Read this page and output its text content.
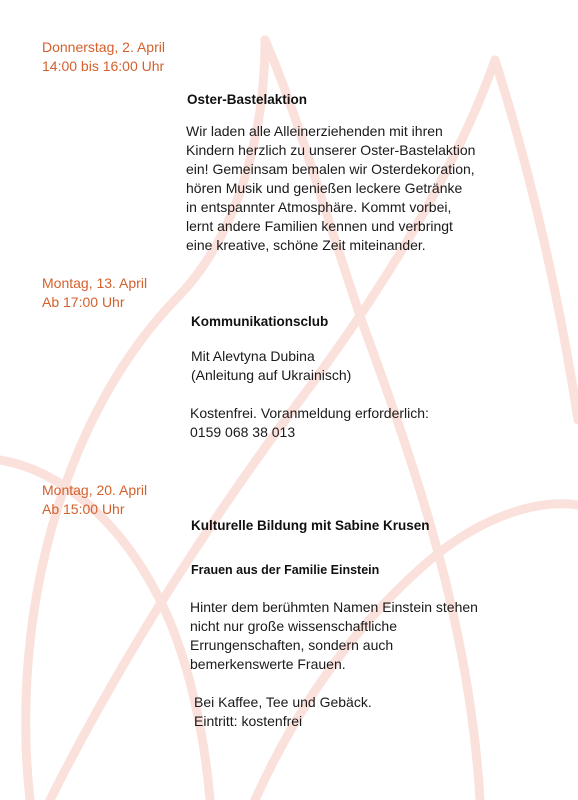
Donnerstag, 2. April
14:00 bis 16:00 Uhr
Oster-Bastelaktion
Wir laden alle Alleinerziehenden mit ihren
Kindern herzlich zu unserer Oster-Bastelaktion
ein! Gemeinsam bemalen wir Osterdekoration,
hören Musik und genießen leckere Getränke
in entspannter Atmosphäre. Kommt vorbei,
lernt andere Familien kennen und verbringt
eine kreative, schöne Zeit miteinander.
Montag, 13. April
Ab 17:00 Uhr
Kommunikationsclub
Mit Alevtyna Dubina
(Anleitung auf Ukrainisch)
Kostenfrei. Voranmeldung erforderlich:
0159 068 38 013
Montag, 20. April
Ab 15:00 Uhr
Kulturelle Bildung mit Sabine Krusen
Frauen aus der Familie Einstein
Hinter dem berühmten Namen Einstein stehen
nicht nur große wissenschaftliche
Errungenschaften, sondern auch
bemerkenswerte Frauen.
Bei Kaffee, Tee und Gebäck.
Eintritt: kostenfrei
